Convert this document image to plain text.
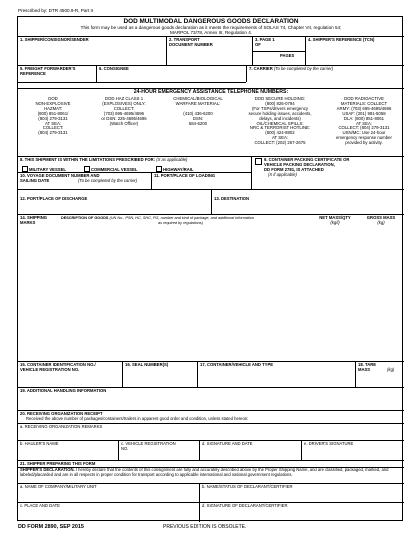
Prescribed by: DTR 4500.9-R, Part II
DOD MULTIMODAL DANGEROUS GOODS DECLARATION
This form may be used as a dangerous goods declaration as it meets the requirements of SOLAS 74, Chapter VII, regulation 54;
MARPOL 73/78, Annex III, Regulation 4.
1. SHIPPER/CONSIGNOR/SENDER	2. TRANSPORT
DOCUMENT NUMBER
3. PAGE 1
OF
PAGES
4. SHIPPER'S REFERENCE (TCN)
5. FREIGHT FORWARDER'S
REFERENCE
6. CONSIGNEE	7. CARRIER (To be completed by the carrier)
24-HOUR EMERGENCY ASSISTANCE TELEPHONE NUMBERS:
DOD
NON-EXPLOSIVE
HAZMAT:
(800) 851-8061/
(804) 279-3131
AT SEA:
COLLECT:
(804) 279-3131
DOD HAZ CLASS 1
(EXPLOSIVES) ONLY:
COLLECT:
(703) 695-4695/4696
or DSN: 225-4695/4696
(Watch Officer)
CHEMICAL/BIOLOGICAL
WARFARE MATERIAL:

(410) 436-6200
DSN:
584-6200
DOD SECURE HOLDING:
(800) 826-0794
(For TSPs/drivers emergency
secure holding issues, accidents,
delays, and incidents)
OIL/CHEMICAL SPILLS:
NRC & TERRORIST HOTLINE:
(800) 424-8802
AT SEA:
COLLECT: (202) 267-2675
DOD RADIOACTIVE
MATERIALS: COLLECT
ARMY: (703) 695-4695/4696
USAF: (301) 981-5058
DLA: (800) 851-8061
AT SEA:
COLLECT: (804) 279-3131
USN/MC: Use 24-hour
emergency response number
provided by activity.
8. THIS SHIPMENT IS WITHIN THE LIMITATIONS PRESCRIBED FOR: (X as applicable)
MILITARY VESSEL	COMMERCIAL VESSEL	HIGHWAY/RAIL
9. CONTAINER PACKING CERTIFICATE OR
VEHICLE PACKING DECLARATION,
DD FORM 2781, IS ATTACHED
(X if applicable)
10. VOYAGE DOCUMENT NUMBER AND
SAILING DATE	(To be completed by the carrier)
11. PORT/PLACE OF LOADING
12. PORT/PLACE OF DISCHARGE	13. DESTINATION
14. SHIPPING
MARKS
DESCRIPTION OF GOODS (UN No., PSN, HC, SHC, PG, number and kind of package, and additional information
as required by regulations)
NET MASS/QTY
(kg/l)
GROSS MASS
(kg)
15. CONTAINER IDENTIFICATION NO./
VEHICLE REGISTRATION NO.
16. SEAL NUMBER(S)	17. CONTAINER/VEHICLE AND TYPE	18. TARE
MASS	(kg)
19. ADDITIONAL HANDLING INFORMATION
20. RECEIVING ORGANIZATION RECEIPT
Received the above number of packages/containers/trailers in apparent good order and condition, unless stated hereon:
a. RECEIVING ORGANIZATION REMARKS
b. HAULER'S NAME	c. VEHICLE REGISTRATION
NO.
d. SIGNATURE AND DATE	e. DRIVER'S SIGNATURE
21. SHIPPER PREPARING THIS FORM
SHIPPER'S DECLARATION. I hereby declare that the contents of this consignment are fully and accurately described above by the Proper Shipping Name, and are classified, packaged, marked, and labeled/placarded and are in all respects in proper condition for transport according to applicable international and national government regulations.
a. NAME OF COMPANY/MILITARY UNIT	b. NAME/STATUS OF DECLARANT/CERTIFIER
c. PLACE AND DATE	d. SIGNATURE OF DECLARANT/CERTIFIER
DD FORM 2890, SEP 2015	PREVIOUS EDITION IS OBSOLETE.
